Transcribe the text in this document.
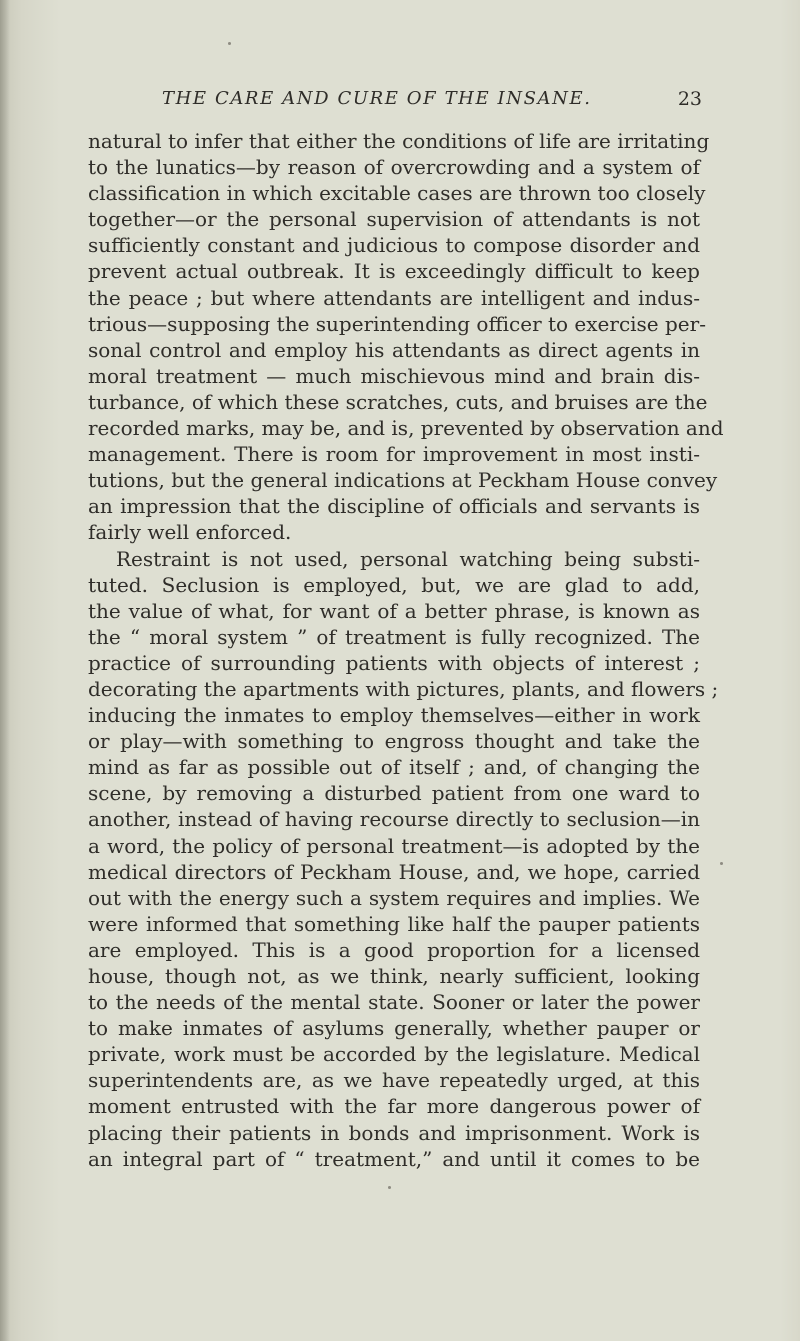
THE CARE AND CURE OF THE INSANE.	23
natural to infer that either the conditions of life are irritating
to the lunatics—by reason of overcrowding and a system of
classification in which excitable cases are thrown too closely
together—or the personal supervision of attendants is not
sufficiently constant and judicious to compose disorder and
prevent actual outbreak. It is exceedingly difficult to keep
the peace ; but where attendants are intelligent and indus-
trious—supposing the superintending officer to exercise per-
sonal control and employ his attendants as direct agents in
moral treatment — much mischievous mind and brain dis-
turbance, of which these scratches, cuts, and bruises are the
recorded marks, may be, and is, prevented by observation and
management. There is room for improvement in most insti-
tutions, but the general indications at Peckham House convey
an impression that the discipline of officials and servants is
fairly well enforced.
Restraint is not used, personal watching being substi-
tuted. Seclusion is employed, but, we are glad to add,
the value of what, for want of a better phrase, is known as
the “ moral system ” of treatment is fully recognized. The
practice of surrounding patients with objects of interest ;
decorating the apartments with pictures, plants, and flowers ;
inducing the inmates to employ themselves—either in work
or play—with something to engross thought and take the
mind as far as possible out of itself ; and, of changing the
scene, by removing a disturbed patient from one ward to
another, instead of having recourse directly to seclusion—in
a word, the policy of personal treatment—is adopted by the
medical directors of Peckham House, and, we hope, carried
out with the energy such a system requires and implies. We
were informed that something like half the pauper patients
are employed. This is a good proportion for a licensed
house, though not, as we think, nearly sufficient, looking
to the needs of the mental state. Sooner or later the power
to make inmates of asylums generally, whether pauper or
private, work must be accorded by the legislature. Medical
superintendents are, as we have repeatedly urged, at this
moment entrusted with the far more dangerous power of
placing their patients in bonds and imprisonment. Work is
an integral part of “ treatment,” and until it comes to be
